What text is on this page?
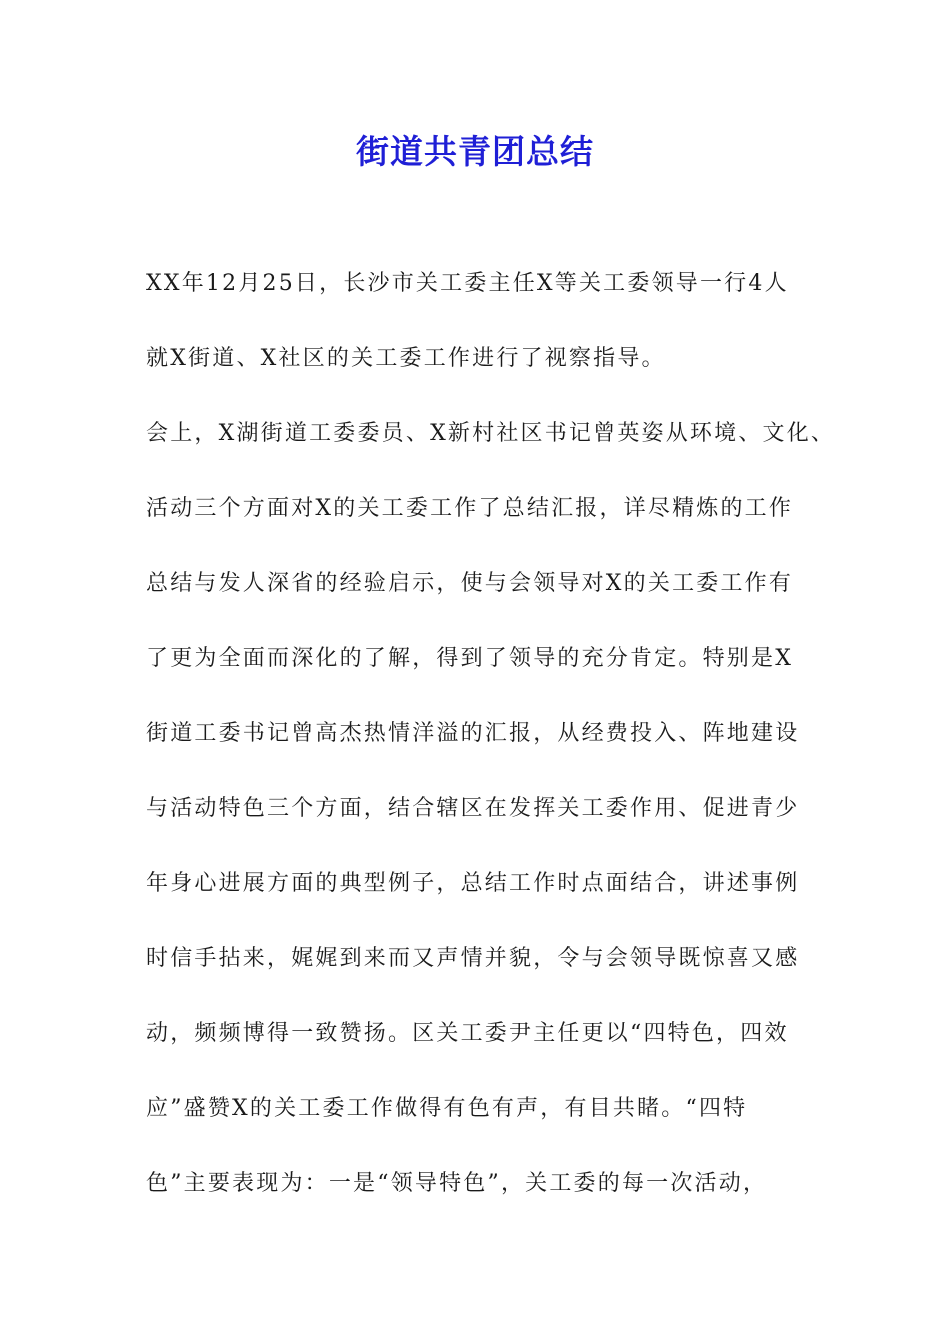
街道共青团总结
XX年12月25日，长沙市关工委主任X等关工委领导一行4人
就X街道、X社区的关工委工作进行了视察指导。
会上，X湖街道工委委员、X新村社区书记曾英姿从环境、文化、
活动三个方面对X的关工委工作了总结汇报，详尽精炼的工作
总结与发人深省的经验启示，使与会领导对X的关工委工作有
了更为全面而深化的了解，得到了领导的充分肯定。特别是X
街道工委书记曾高杰热情洋溢的汇报，从经费投入、阵地建设
与活动特色三个方面，结合辖区在发挥关工委作用、促进青少
年身心进展方面的典型例子，总结工作时点面结合，讲述事例
时信手拈来，娓娓到来而又声情并貌，令与会领导既惊喜又感
动，频频博得一致赞扬。区关工委尹主任更以“四特色，四效
应”盛赞X的关工委工作做得有色有声，有目共睹。“四特
色”主要表现为：一是“领导特色”，关工委的每一次活动，
